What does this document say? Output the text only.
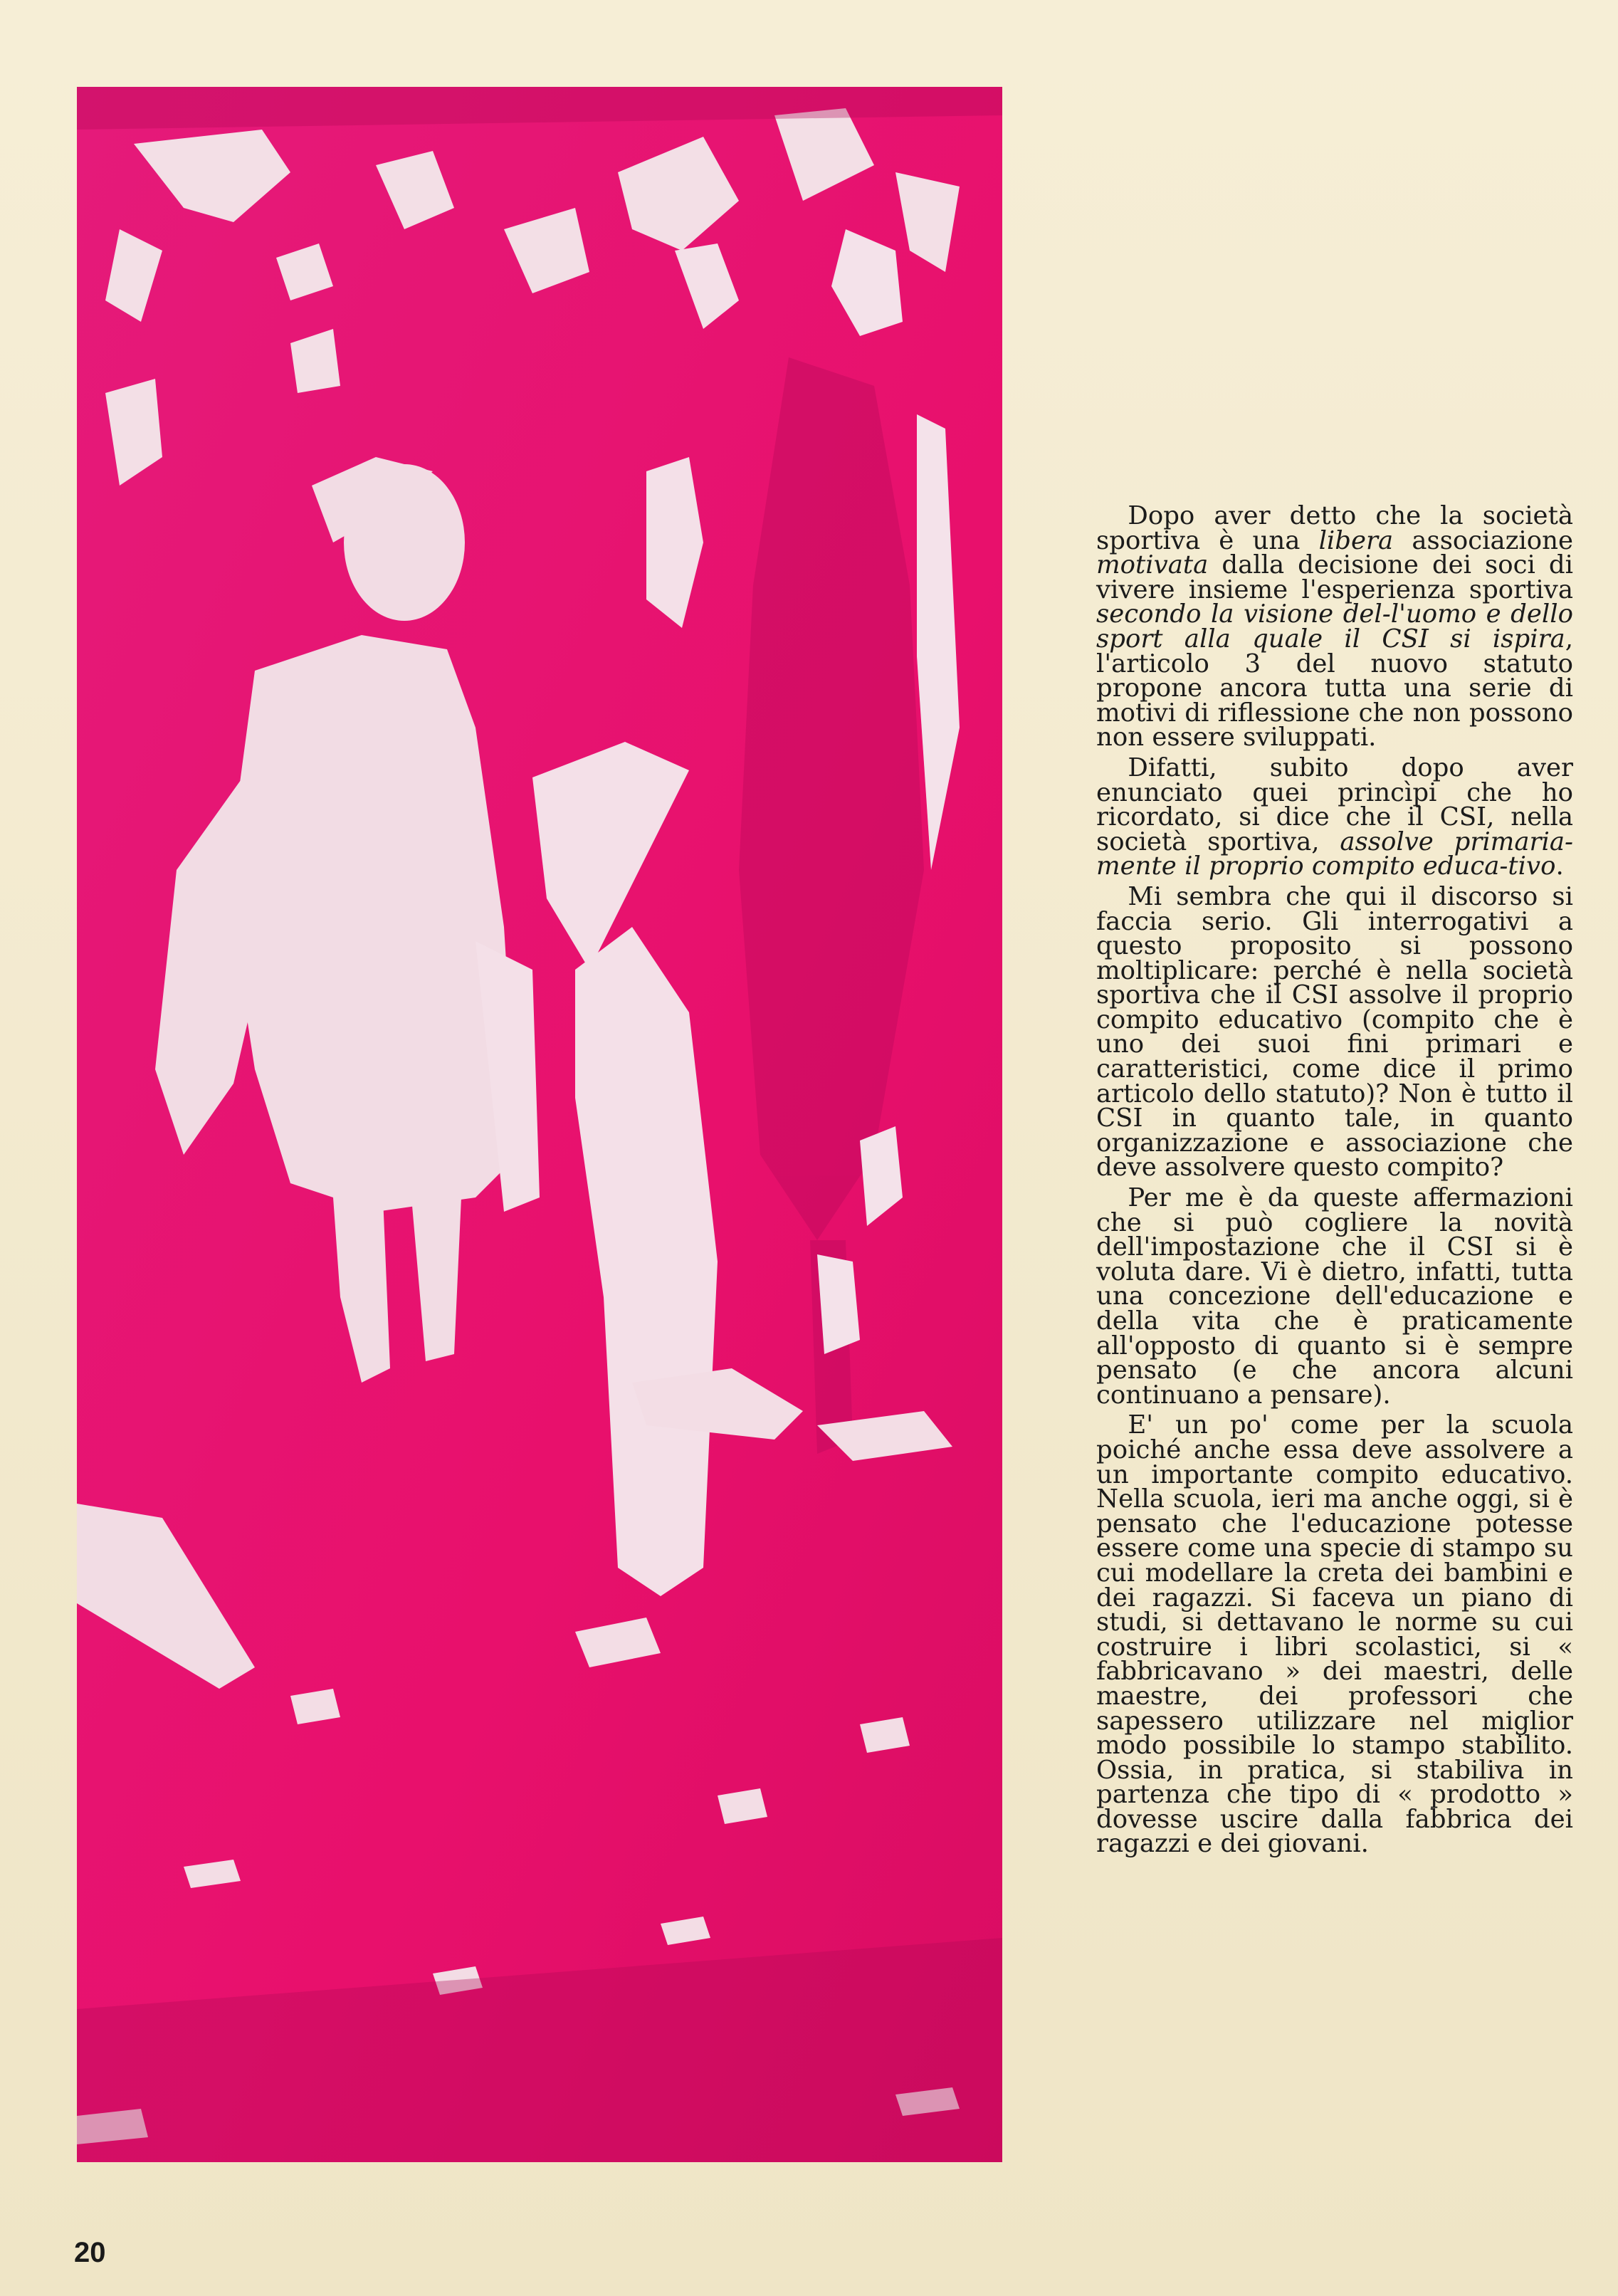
Dopo aver detto che la società sportiva è una libera associazione motivata dalla decisione dei soci di vivere insieme l'esperienza sportiva secondo la visione del-l'uomo e dello sport alla quale il CSI si ispira, l'articolo 3 del nuovo statuto propone ancora tutta una serie di motivi di riflessione che non possono non essere sviluppati.

Difatti, subito dopo aver enunciato quei princìpi che ho ricordato, si dice che il CSI, nella società sportiva, assolve primaria-mente il proprio compito educa-tivo.

Mi sembra che qui il discorso si faccia serio. Gli interrogativi a questo proposito si possono moltiplicare: perché è nella società sportiva che il CSI assolve il proprio compito educativo (compito che è uno dei suoi fini primari e caratteristici, come dice il primo articolo dello statuto)? Non è tutto il CSI in quanto tale, in quanto organizzazione e associazione che deve assolvere questo compito?

Per me è da queste affermazioni che si può cogliere la novità dell'impostazione che il CSI si è voluta dare. Vi è dietro, infatti, tutta una concezione dell'educazione e della vita che è praticamente all'opposto di quanto si è sempre pensato (e che ancora alcuni continuano a pensare).

E' un po' come per la scuola poiché anche essa deve assolvere a un importante compito educativo. Nella scuola, ieri ma anche oggi, si è pensato che l'educazione potesse essere come una specie di stampo su cui modellare la creta dei bambini e dei ragazzi. Si faceva un piano di studi, si dettavano le norme su cui costruire i libri scolastici, si « fabbricavano » dei maestri, delle maestre, dei professori che sapessero utilizzare nel miglior modo possibile lo stampo stabilito. Ossia, in pratica, si stabiliva in partenza che tipo di « prodotto » dovesse uscire dalla fabbrica dei ragazzi e dei giovani.

20
